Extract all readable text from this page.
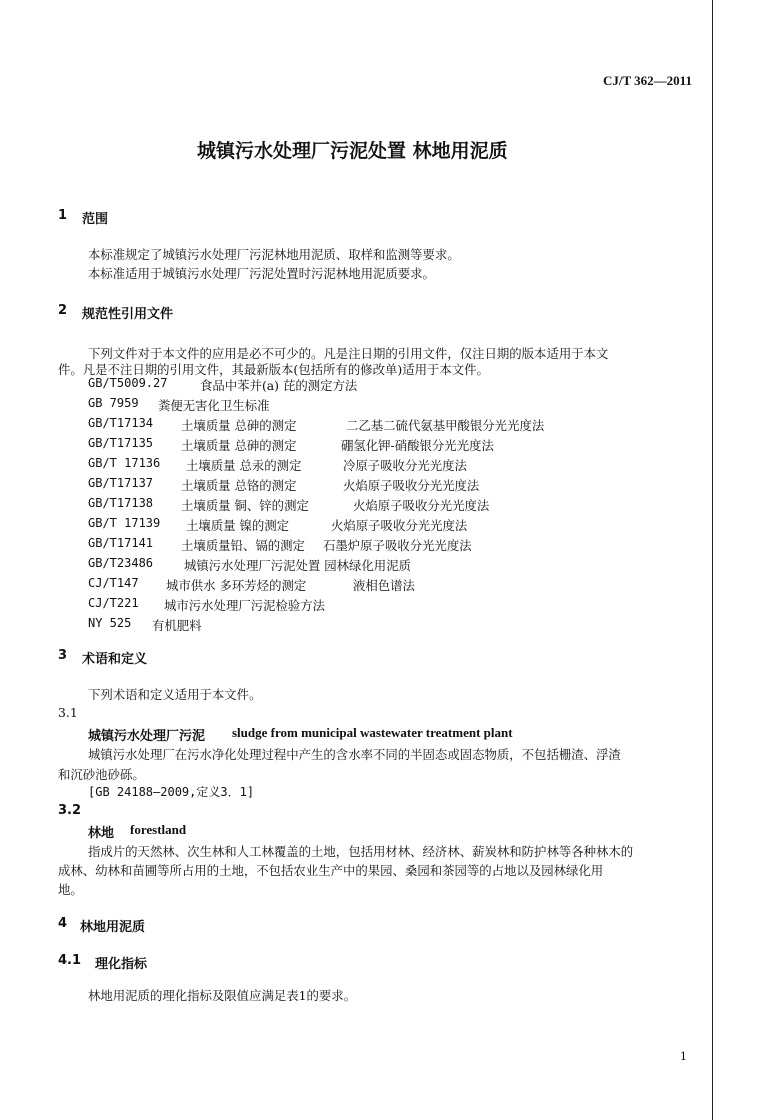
CJ/T 362—2011
城镇污水处理厂污泥处置 林地用泥质
1 范围
本标准规定了城镇污水处理厂污泥林地用泥质、取样和监测等要求。
本标准适用于城镇污水处理厂污泥处置时污泥林地用泥质要求。
2 规范性引用文件
下列文件对于本文件的应用是必不可少的。凡是注日期的引用文件，仅注日期的版本适用于本文
件。凡是不注日期的引用文件，其最新版本(包括所有的修改单)适用于本文件。
GB/T5009.27	食品中苯并(a) 芘的测定方法
GB 7959 粪便无害化卫生标准
GB/T17134 土壤质量 总砷的测定	二乙基二硫代氨基甲酸银分光光度法
GB/T17135 土壤质量 总砷的测定	硼氢化钾-硝酸银分光光度法
GB/T 17136 土壤质量 总汞的测定	冷原子吸收分光光度法
GB/T17137 土壤质量 总铬的测定	火焰原子吸收分光光度法
GB/T17138 土壤质量 铜、锌的测定	火焰原子吸收分光光度法
GB/T 17139 土壤质量 镍的测定	火焰原子吸收分光光度法
GB/T17141 土壤质量铅、镉的测定 石墨炉原子吸收分光光度法
GB/T23486 城镇污水处理厂污泥处置 园林绿化用泥质
CJ/T147 城市供水 多环芳烃的测定	液相色谱法
CJ/T221 城市污水处理厂污泥检验方法
NY 525 有机肥料
3 术语和定义
下列术语和定义适用于本文件。
3.1
城镇污水处理厂污泥 sludge from municipal wastewater treatment plant
城镇污水处理厂在污水净化处理过程中产生的含水率不同的半固态或固态物质，不包括栅渣、浮渣
和沉砂池砂砾。
[GB 24188—2009,定义3．1]
3.2
林地 forestland
指成片的天然林、次生林和人工林覆盖的土地，包括用材林、经济林、薪炭林和防护林等各种林木的
成林、幼林和苗圃等所占用的土地，不包括农业生产中的果园、桑园和茶园等的占地以及园林绿化用
地。
4 林地用泥质
4.1 理化指标
林地用泥质的理化指标及限值应满足表1的要求。
1
